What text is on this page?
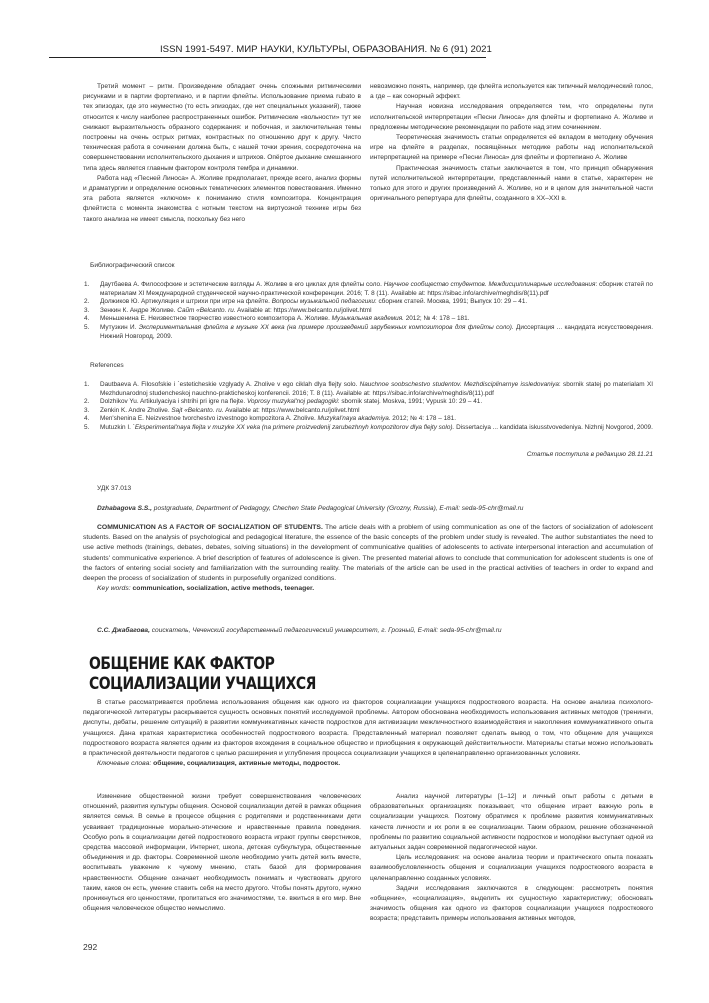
ISSN 1991-5497. МИР НАУКИ, КУЛЬТУРЫ, ОБРАЗОВАНИЯ. № 6 (91) 2021

Третий момент – ритм. Произведение обладает очень сложными ритмическими рисунками и в партии фортепиано, и в партии флейты. Использование приема rubato в тех эпизодах, где это неуместно (то есть эпизодах, где нет специальных указаний), также относится к числу наиболее распространенных ошибок. Ритмические «вольности» тут же снижают выразительность образного содержания: и побочная, и заключительная темы построены на очень острых ритмах, контрастных по отношению друг к другу. Чисто техническая работа в сочинении должна быть, с нашей точки зрения, сосредоточена на совершенствовании исполнительского дыхания и штрихов. Опёртое дыхание смешанного типа здесь является главным фактором контроля тембра и динамики.

Работа над «Песней Линоса» А. Жоливе предполагает, прежде всего, анализ формы и драматургии и определение основных тематических элементов повествования. Именно эта работа является «ключом» к пониманию стиля композитора. Концентрация флейтиста с момента знакомства с нотным текстом на виртуозной технике игры без такого анализа не имеет смысла, поскольку без него

невозможно понять, например, где флейта используется как типичный мелодический голос, а где – как сонорный эффект.

Научная новизна исследования определяется тем, что определены пути исполнительской интерпретации «Песни Линоса» для флейты и фортепиано А. Жоливе и предложены методические рекомендации по работе над этим сочинением.

Теоретическая значимость статьи определяется её вкладом в методику обучения игре на флейте в разделах, посвящённых методике работы над исполнительской интерпретацией на примере «Песни Линоса» для флейты и фортепиано А. Жоливе

Практическая значимость статьи заключается в том, что принцип обнаружения путей исполнительской интерпретации, представленный нами в статье, характерен не только для этого и других произведений А. Жоливе, но и в целом для значительной части оригинального репертуара для флейты, созданного в XX–XXI в.

Библиографический список
1.	Даутбаева А. Философские и эстетические взгляды А. Жоливе в его циклах для флейты соло. Научное сообщество студентов. Междисциплинарные исследования: сборник статей по материалам XI Международной студенческой научно-практической конференции. 2016; Т. 8 (11). Available at: https://sibac.info/archive/meghdis/8(11).pdf
2.	Должиков Ю. Артикуляция и штрихи при игре на флейте. Вопросы музыкальной педагогики: сборник статей. Москва, 1991; Выпуск 10: 29 – 41.
3.	Зенкин К. Андре Жоливе. Сайт «Belcanto. ru. Available at: https://www.belcanto.ru/jolivet.html
4.	Меньшенина Е. Неизвестное творчество известного композитора А. Жоливе. Музыкальная академия. 2012; № 4: 178 – 181.
5.	Мутузкин И. Экспериментальная флейта в музыке XX века (на примере произведений зарубежных композиторов для флейты соло). Диссертация ... кандидата искусствоведения. Нижний Новгород, 2009.
References
1.	Dautbaeva A. Filosofskie i `esteticheskie vzglyady A. Zholive v ego ciklah dlya flejty solo. Nauchnoe soobschestvo studentov. Mezhdisciplinarnye issledovaniya: sbornik statej po materialam XI Mezhdunarodnoj studencheskoj nauchno-prakticheskoj konferencii. 2016; T. 8 (11). Available at: https://sibac.info/archive/meghdis/8(11).pdf
2.	Dolzhikov Yu. Artikulyaciya i shtrihi pri igre na flejte. Voprosy muzykal'noj pedagogiki: sbornik statej. Moskva, 1991; Vypusk 10: 29 – 41.
3.	Zenkin K. Andre Zholive. Sajt «Belcanto. ru. Available at: https://www.belcanto.ru/jolivet.html
4.	Men'shenina E. Neizvestnoe tvorchestvo izvestnogo kompozitora A. Zholive. Muzykal'naya akademiya. 2012; № 4: 178 – 181.
5.	Mutuzkin I. `Eksperimental'naya flejta v muzyke XX veka (na primere proizvedenij zarubezhnyh kompozitorov dlya flejty solo). Dissertaciya ... kandidata iskusstvovedeniya. Nizhnij Novgorod, 2009.
Статья поступила в редакцию 28.11.21
УДК 37.013
Dzhabagova S.S., postgraduate, Department of Pedagogy, Chechen State Pedagogical University (Grozny, Russia), E-mail: seda-95-chr@mail.ru

COMMUNICATION AS A FACTOR OF SOCIALIZATION OF STUDENTS. The article deals with a problem of using communication as one of the factors of socialization of adolescent students. Based on the analysis of psychological and pedagogical literature, the essence of the basic concepts of the problem under study is revealed. The author substantiates the need to use active methods (trainings, debates, debates, solving situations) in the development of communicative qualities of adolescents to activate interpersonal interaction and accumulation of students' communicative experience. A brief description of features of adolescence is given. The presented material allows to conclude that communication for adolescent students is one of the factors of entering social society and familiarization with the surrounding reality. The materials of the article can be used in the practical activities of teachers in order to expand and deepen the process of socialization of students in purposefully organized conditions.

Key words: communication, socialization, active methods, teenager.

С.С. Джабагова, соискатель, Чеченский государственный педагогический университет, г. Грозный, E-mail: seda-95-chr@mail.ru
ОБЩЕНИЕ КАК ФАКТОР
СОЦИАЛИЗАЦИИ УЧАЩИХСЯ

В статье рассматривается проблема использования общения как одного из факторов социализации учащихся подросткового возраста. На основе анализа психолого-педагогической литературы раскрывается сущность основных понятий исследуемой проблемы. Автором обоснована необходимость использования активных методов (тренинги, диспуты, дебаты, решение ситуаций) в развитии коммуникативных качеств подростков для активизации межличностного взаимодействия и накопления коммуникативного опыта учащихся. Дана краткая характеристика особенностей подросткового возраста. Представленный материал позволяет сделать вывод о том, что общение для учащихся подросткового возраста является одним из факторов вхождения в социальное общество и приобщения к окружающей действительности. Материалы статьи можно использовать в практической деятельности педагогов с целью расширения и углубления процесса социализации учащихся в целенаправленно организованных условиях.

Ключевые слова: общение, социализация, активные методы, подросток.

Изменение общественной жизни требует совершенствования человеческих отношений, развития культуры общения. Основой социализации детей в рамках общения является семья. В семье в процессе общения с родителями и родственниками дети усваивает традиционные морально-этические и нравственные правила поведения. Особую роль в социализации детей подросткового возраста играют группы сверстников, средства массовой информации, Интернет, школа, детская субкультура, общественные объединения и др. факторы. Современной школе необходимо учить детей жить вместе, воспитывать уважение к чужому мнению, стать базой для формирования нравственности. Общение означает необходимость понимать и чувствовать другого таким, каков он есть, умение ставить себя на место другого. Чтобы понять другого, нужно проникнуться его ценностями, пропитаться его значимостями, т.е. вжиться в его мир. Вне общения человеческое общество немыслимо.

Анализ научной литературы [1–12] и личный опыт работы с детьми в образовательных организациях показывает, что общение играет важную роль в социализации учащихся. Поэтому обратимся к проблеме развития коммуникативных качеств личности и их роли в ее социализации. Таким образом, решение обозначенной проблемы по развитию социальной активности подростков и молодёжи выступает одной из актуальных задач современной педагогической науки.

Цель исследования: на основе анализа теории и практического опыта показать взаимообусловленность общения и социализации учащихся подросткового возраста в целенаправленно созданных условиях.

Задачи исследования заключаются в следующем: рассмотреть понятия «общение», «социализация», выделить их сущностную характеристику; обосновать значимость общения как одного из факторов социализации учащихся подросткового возраста; представить примеры использования активных методов,

292
